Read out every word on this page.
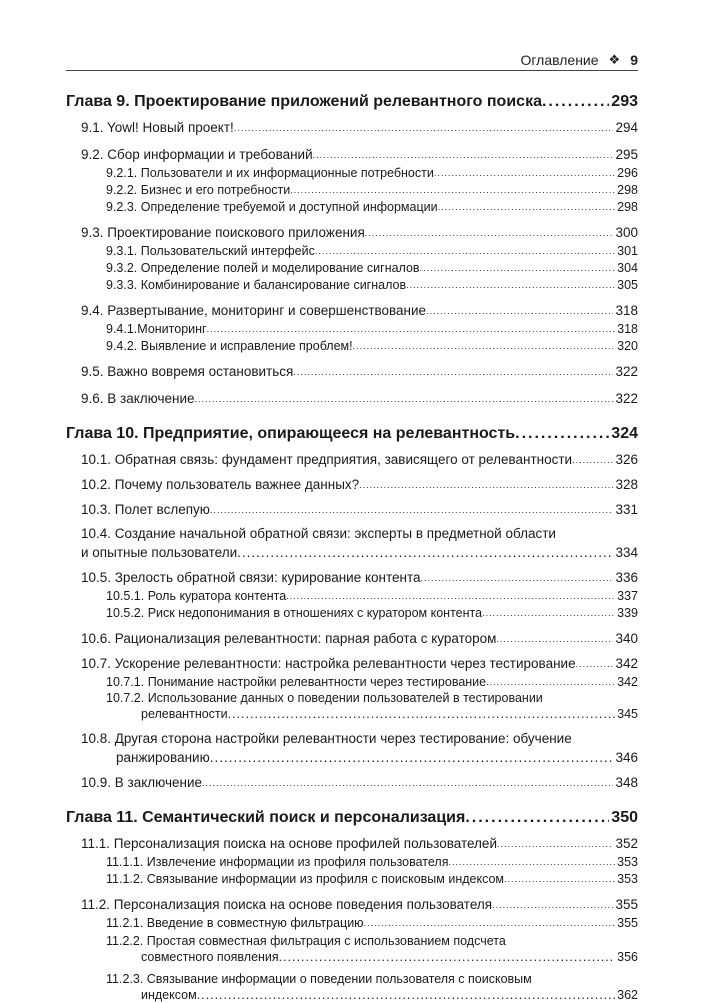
Оглавление ❖ 9
Глава 9. Проектирование приложений релевантного поиска .....	293
9.1. Yowl! Новый проект! .....	294
9.2. Сбор информации и требований .....	295
9.2.1. Пользователи и их информационные потребности .....	296
9.2.2. Бизнес и его потребности .....	298
9.2.3. Определение требуемой и доступной информации .....	298
9.3. Проектирование поискового приложения .....	300
9.3.1. Пользовательский интерфейс .....	301
9.3.2. Определение полей и моделирование сигналов .....	304
9.3.3. Комбинирование и балансирование сигналов .....	305
9.4. Развертывание, мониторинг и совершенствование .....	318
9.4.1.Мониторинг .....	318
9.4.2. Выявление и исправление проблем! .....	320
9.5. Важно вовремя остановиться .....	322
9.6. В заключение .....	322
Глава 10. Предприятие, опирающееся на релевантность .....	324
10.1. Обратная связь: фундамент предприятия, зависящего от релевантности .....	326
10.2. Почему пользователь важнее данных? .....	328
10.3. Полет вслепую .....	331
10.4. Создание начальной обратной связи: эксперты в предметной области
и опытные пользователи .....	334
10.5. Зрелость обратной связи: курирование контента .....	336
10.5.1. Роль куратора контента .....	337
10.5.2. Риск недопонимания в отношениях с куратором контента .....	339
10.6. Рационализация релевантности: парная работа с куратором .....	340
10.7. Ускорение релевантности: настройка релевантности через тестирование .....	342
10.7.1. Понимание настройки релевантности через тестирование .....	342
10.7.2. Использование данных о поведении пользователей в тестировании
релевантности .....	345
10.8. Другая сторона настройки релевантности через тестирование: обучение
ранжированию .....	346
10.9. В заключение .....	348
Глава 11. Семантический поиск и персонализация .....	350
11.1. Персонализация поиска на основе профилей пользователей .....	352
11.1.1. Извлечение информации из профиля пользователя .....	353
11.1.2. Связывание информации из профиля с поисковым индексом .....	353
11.2. Персонализация поиска на основе поведения пользователя .....	355
11.2.1. Введение в совместную фильтрацию .....	355
11.2.2. Простая совместная фильтрация с использованием подсчета
совместного появления .....	356
11.2.3. Связывание информации о поведении пользователя с поисковым
индексом .....	362
